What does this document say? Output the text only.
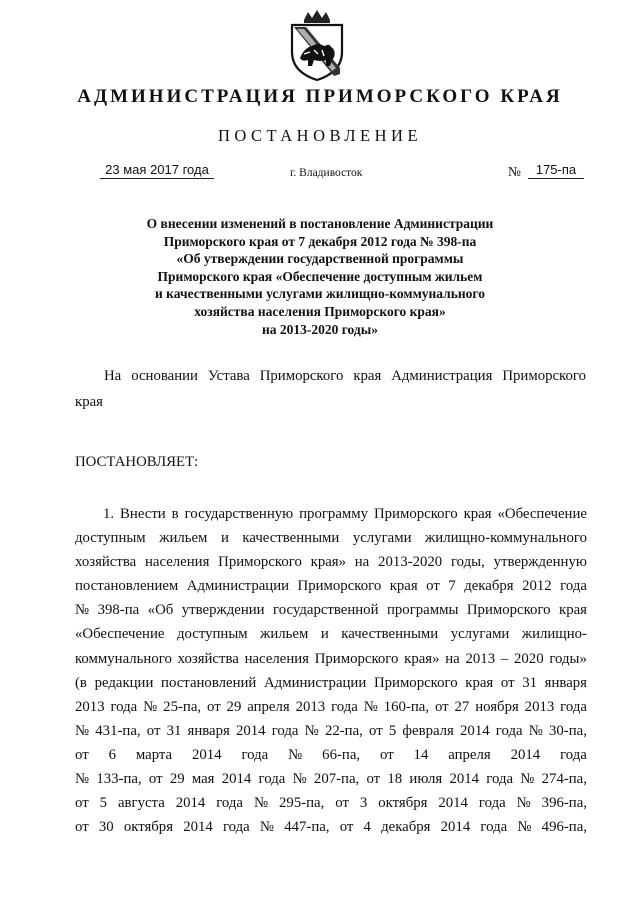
АДМИНИСТРАЦИЯ ПРИМОРСКОГО КРАЯ
ПОСТАНОВЛЕНИЕ
23 мая 2017 года	г. Владивосток	№	175-па
О внесении изменений в постановление Администрации
Приморского края от 7 декабря 2012 года № 398-па
«Об утверждении государственной программы
Приморского края «Обеспечение доступным жильем
и качественными услугами жилищно-коммунального
хозяйства населения Приморского края»
на 2013-2020 годы»
На основании Устава Приморского края Администрация Приморского
края
ПОСТАНОВЛЯЕТ:
1. Внести в государственную программу Приморского края «Обеспечение
доступным жильем и качественными услугами жилищно-коммунального
хозяйства населения Приморского края» на 2013-2020 годы, утвержденную
постановлением Администрации Приморского края от 7 декабря 2012 года
№ 398-па «Об утверждении государственной программы Приморского края
«Обеспечение доступным жильем и качественными услугами жилищно-
коммунального хозяйства населения Приморского края» на 2013 – 2020 годы»
(в редакции постановлений Администрации Приморского края от 31 января
2013 года № 25-па, от 29 апреля 2013 года № 160-па, от 27 ноября 2013 года
№ 431-па, от 31 января 2014 года № 22-па, от 5 февраля 2014 года № 30-па,
от 6 марта 2014 года № 66-па, от 14 апреля 2014 года
№ 133-па, от 29 мая 2014 года № 207-па, от 18 июля 2014 года № 274-па,
от 5 августа 2014 года № 295-па, от 3 октября 2014 года № 396-па,
от 30 октября 2014 года № 447-па, от 4 декабря 2014 года № 496-па,
